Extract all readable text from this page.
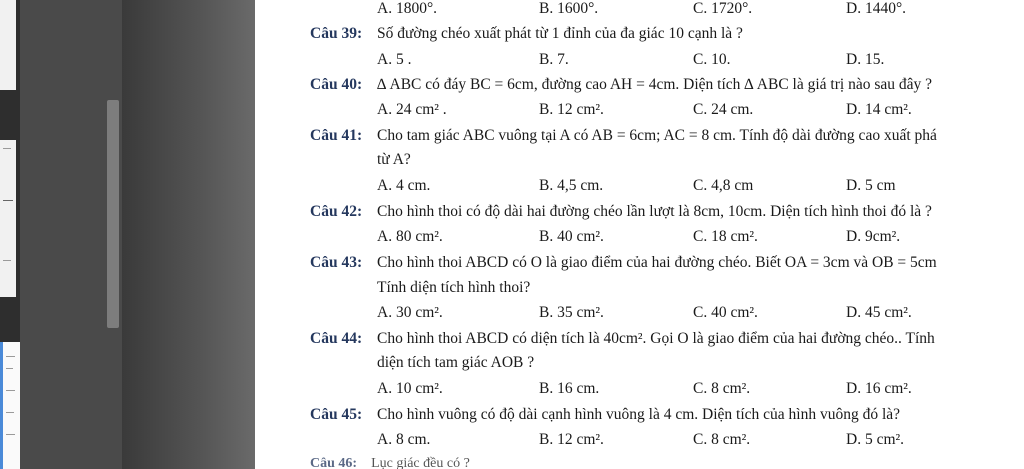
A. 1800°.	B. 1600°.	C. 1720°.	D. 1440°.
Câu 39: Số đường chéo xuất phát từ 1 đỉnh của đa giác 10 cạnh là ?
A. 5 .	B. 7.	C. 10.	D. 15.
Câu 40: ∆ ABC có đáy BC = 6cm, đường cao AH = 4cm. Diện tích ∆ ABC là giá trị nào sau đây ?
A. 24 cm² .	B. 12 cm².	C. 24 cm.	D. 14 cm².
Câu 41: Cho tam giác ABC vuông tại A có AB = 6cm; AC = 8 cm. Tính độ dài đường cao xuất phá
từ A?
A. 4 cm.	B. 4,5 cm.	C. 4,8 cm	D. 5 cm
Câu 42: Cho hình thoi có độ dài hai đường chéo lần lượt là 8cm, 10cm. Diện tích hình thoi đó là ?
A. 80 cm².	B. 40 cm².	C. 18 cm².	D. 9cm².
Câu 43: Cho hình thoi ABCD có O là giao điểm của hai đường chéo. Biết OA = 3cm và OB = 5cm
Tính diện tích hình thoi?
A. 30 cm².	B. 35 cm².	C. 40 cm².	D. 45 cm².
Câu 44: Cho hình thoi ABCD có diện tích là 40cm². Gọi O là giao điểm của hai đường chéo.. Tính
diện tích tam giác AOB ?
A. 10 cm².	B. 16 cm.	C. 8 cm².	D. 16 cm².
Câu 45: Cho hình vuông có độ dài cạnh hình vuông là 4 cm. Diện tích của hình vuông đó là?
A. 8 cm.	B. 12 cm².	C. 8 cm².	D. 5 cm².
Câu 46: Lục giác đều có ?
